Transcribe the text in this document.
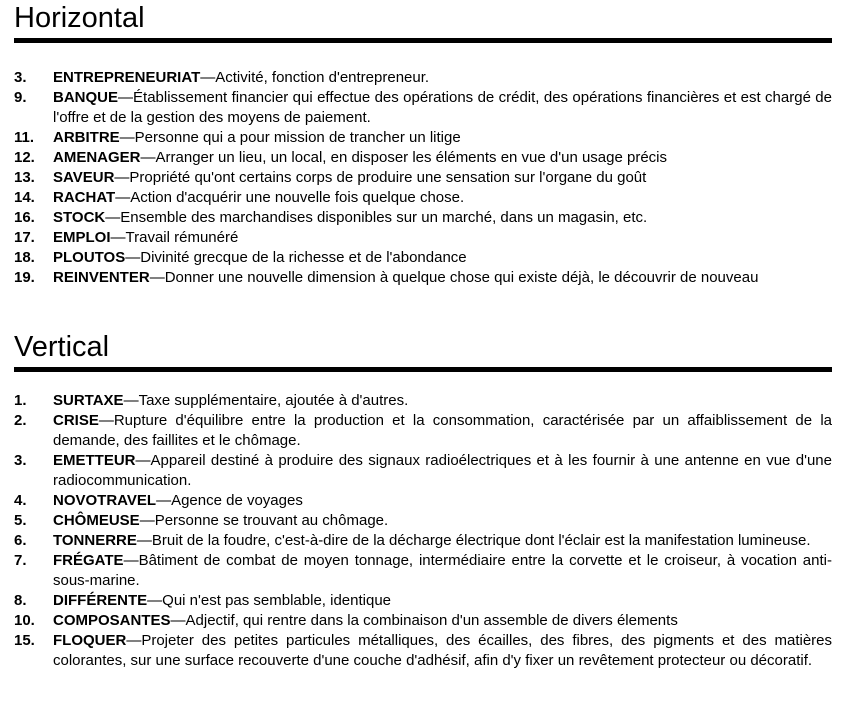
Horizontal
3.	ENTREPRENEURIAT—Activité, fonction d'entrepreneur.
9.	BANQUE—Établissement financier qui effectue des opérations de crédit, des opérations financières et est chargé de l'offre et de la gestion des moyens de paiement.
11.	ARBITRE—Personne qui a pour mission de trancher un litige
12.	AMENAGER—Arranger un lieu, un local, en disposer les éléments en vue d'un usage précis
13.	SAVEUR—Propriété qu'ont certains corps de produire une sensation sur l'organe du goût
14.	RACHAT—Action d'acquérir une nouvelle fois quelque chose.
16.	STOCK—Ensemble des marchandises disponibles sur un marché, dans un magasin, etc.
17.	EMPLOI—Travail rémunéré
18.	PLOUTOS—Divinité grecque de la richesse et de l'abondance
19.	REINVENTER—Donner une nouvelle dimension à quelque chose qui existe déjà, le découvrir de nouveau
Vertical
1.	SURTAXE—Taxe supplémentaire, ajoutée à d'autres.
2.	CRISE—Rupture d'équilibre entre la production et la consommation, caractérisée par un affaiblissement de la demande, des faillites et le chômage.
3.	EMETTEUR—Appareil destiné à produire des signaux radioélectriques et à les fournir à une antenne en vue d'une radiocommunication.
4.	NOVOTRAVEL—Agence de voyages
5.	CHÔMEUSE—Personne se trouvant au chômage.
6.	TONNERRE—Bruit de la foudre, c'est-à-dire de la décharge électrique dont l'éclair est la manifestation lumineuse.
7.	FRÉGATE—Bâtiment de combat de moyen tonnage, intermédiaire entre la corvette et le croiseur, à vocation anti-sous-marine.
8.	DIFFÉRENTE—Qui n'est pas semblable, identique
10.	COMPOSANTES—Adjectif, qui rentre dans la combinaison d'un assemble de divers élements
15.	FLOQUER—Projeter des petites particules métalliques, des écailles, des fibres, des pigments et des matières colorantes, sur une surface recouverte d'une couche d'adhésif, afin d'y fixer un revêtement protecteur ou décoratif.
